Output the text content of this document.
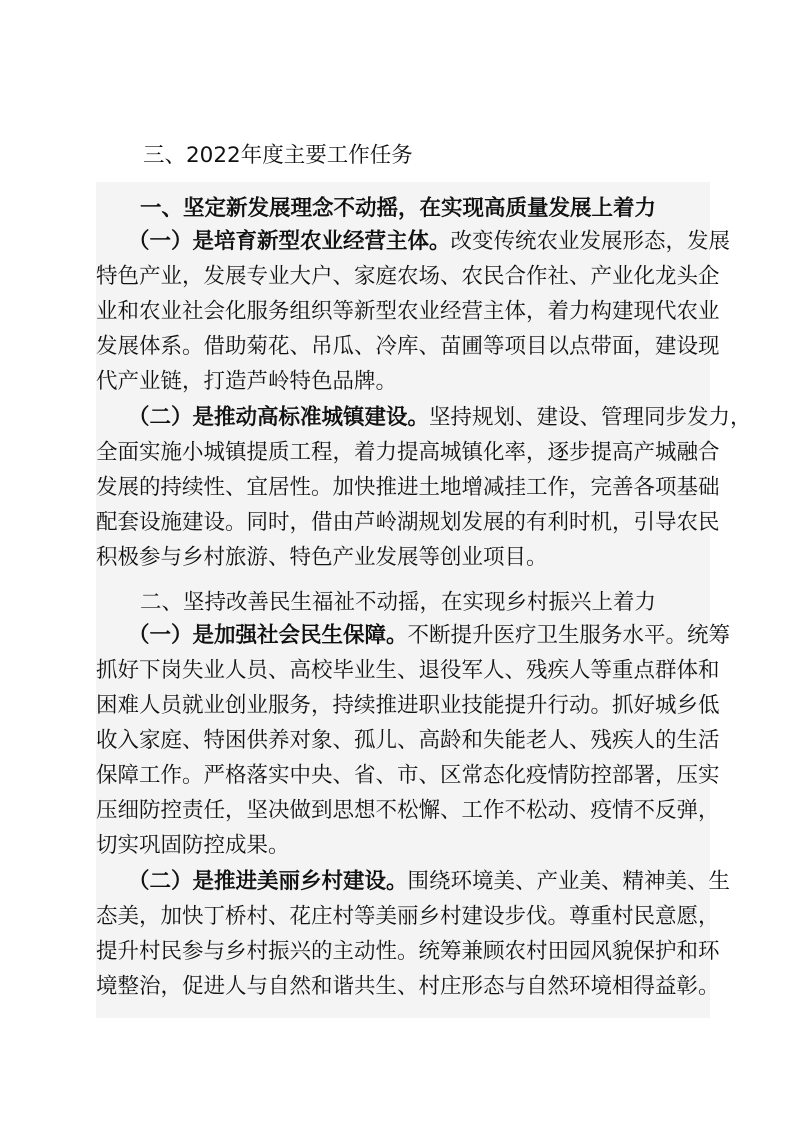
三、2022年度主要工作任务
一、坚定新发展理念不动摇，在实现高质量发展上着力
（一）是培育新型农业经营主体。改变传统农业发展形态，发展
特色产业，发展专业大户、家庭农场、农民合作社、产业化龙头企
业和农业社会化服务组织等新型农业经营主体，着力构建现代农业
发展体系。借助菊花、吊瓜、冷库、苗圃等项目以点带面，建设现
代产业链，打造芦岭特色品牌。
（二）是推动高标准城镇建设。坚持规划、建设、管理同步发力，
全面实施小城镇提质工程，着力提高城镇化率，逐步提高产城融合
发展的持续性、宜居性。加快推进土地增减挂工作，完善各项基础
配套设施建设。同时，借由芦岭湖规划发展的有利时机，引导农民
积极参与乡村旅游、特色产业发展等创业项目。
二、坚持改善民生福祉不动摇，在实现乡村振兴上着力
（一）是加强社会民生保障。不断提升医疗卫生服务水平。统筹
抓好下岗失业人员、高校毕业生、退役军人、残疾人等重点群体和
困难人员就业创业服务，持续推进职业技能提升行动。抓好城乡低
收入家庭、特困供养对象、孤儿、高龄和失能老人、残疾人的生活
保障工作。严格落实中央、省、市、区常态化疫情防控部署，压实
压细防控责任，坚决做到思想不松懈、工作不松动、疫情不反弹，
切实巩固防控成果。
（二）是推进美丽乡村建设。围绕环境美、产业美、精神美、生
态美，加快丁桥村、花庄村等美丽乡村建设步伐。尊重村民意愿，
提升村民参与乡村振兴的主动性。统筹兼顾农村田园风貌保护和环
境整治，促进人与自然和谐共生、村庄形态与自然环境相得益彰。
